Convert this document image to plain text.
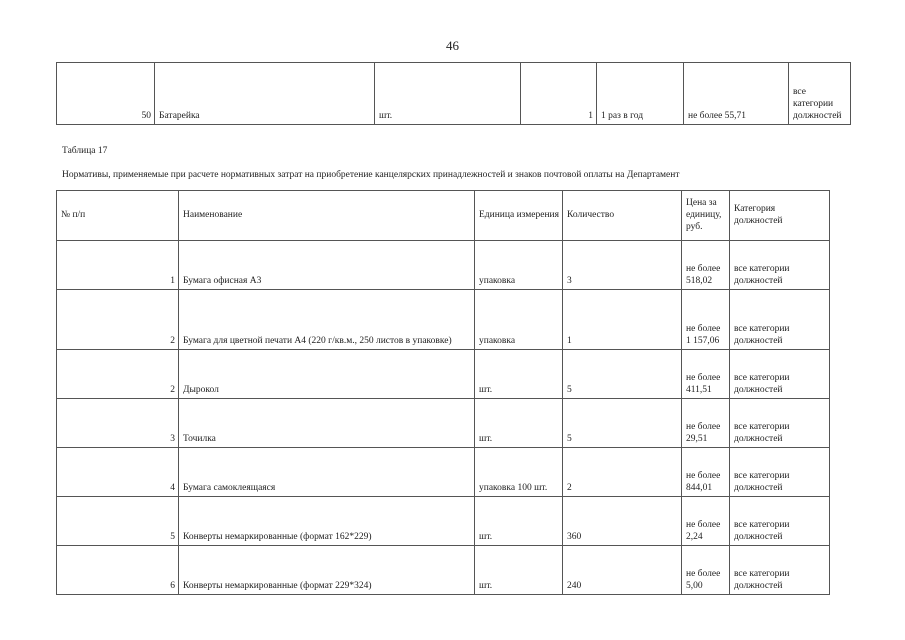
46
50	Батарейка	шт.	1	1 раз в год	не более 55,71	все категории должностей
Таблица 17
Нормативы, применяемые при расчете нормативных затрат на приобретение канцелярских принадлежностей и знаков почтовой оплаты на Департамент
№ п/п	Наименование	Единица измерения	Количество	Цена за единицу, руб.	Категория должностей
1	Бумага офисная А3	упаковка	3	не более 518,02	все категории должностей
2	Бумага для цветной печати А4 (220 г/кв.м., 250 листов в упаковке)	упаковка	1	не более 1 157,06	все категории должностей
2	Дырокол	шт.	5	не более 411,51	все категории должностей
3	Точилка	шт.	5	не более 29,51	все категории должностей
4	Бумага самоклеящаяся	упаковка 100 шт.	2	не более 844,01	все категории должностей
5	Конверты немаркированные (формат 162*229)	шт.	360	не более 2,24	все категории должностей
6	Конверты немаркированные (формат 229*324)	шт.	240	не более 5,00	все категории должностей
